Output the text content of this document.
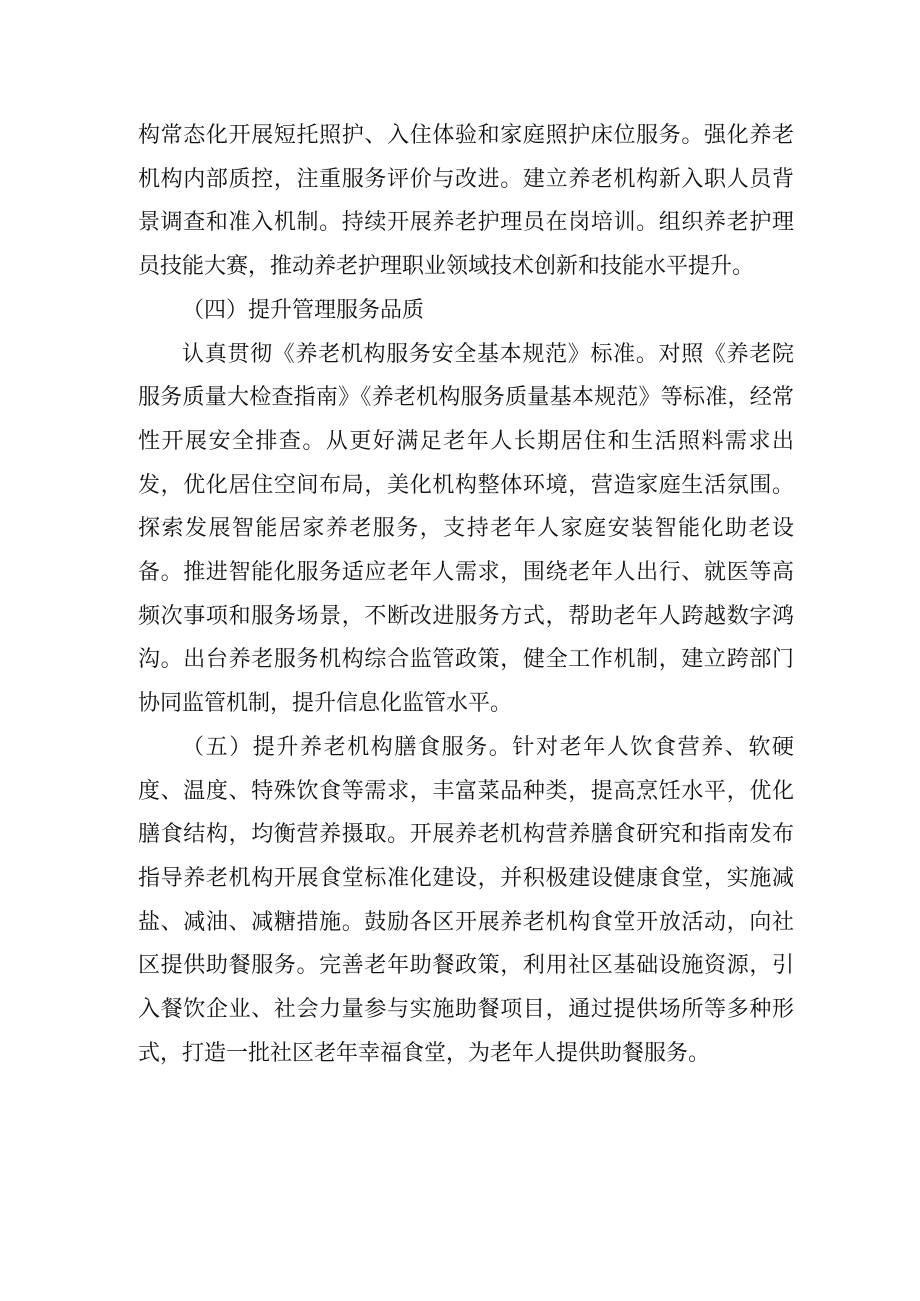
构常态化开展短托照护、入住体验和家庭照护床位服务。强化养老机构内部质控，注重服务评价与改进。建立养老机构新入职人员背景调查和准入机制。持续开展养老护理员在岗培训。组织养老护理员技能大赛，推动养老护理职业领域技术创新和技能水平提升。

（四）提升管理服务品质

认真贯彻《养老机构服务安全基本规范》标准。对照《养老院服务质量大检查指南》《养老机构服务质量基本规范》等标准，经常性开展安全排查。从更好满足老年人长期居住和生活照料需求出发，优化居住空间布局，美化机构整体环境，营造家庭生活氛围。探索发展智能居家养老服务，支持老年人家庭安装智能化助老设备。推进智能化服务适应老年人需求，围绕老年人出行、就医等高频次事项和服务场景，不断改进服务方式，帮助老年人跨越数字鸿沟。出台养老服务机构综合监管政策，健全工作机制，建立跨部门协同监管机制，提升信息化监管水平。

（五）提升养老机构膳食服务。针对老年人饮食营养、软硬度、温度、特殊饮食等需求，丰富菜品种类，提高烹饪水平，优化膳食结构，均衡营养摄取。开展养老机构营养膳食研究和指南发布指导养老机构开展食堂标准化建设，并积极建设健康食堂，实施减盐、减油、减糖措施。鼓励各区开展养老机构食堂开放活动，向社区提供助餐服务。完善老年助餐政策，利用社区基础设施资源，引入餐饮企业、社会力量参与实施助餐项目，通过提供场所等多种形式，打造一批社区老年幸福食堂，为老年人提供助餐服务。
